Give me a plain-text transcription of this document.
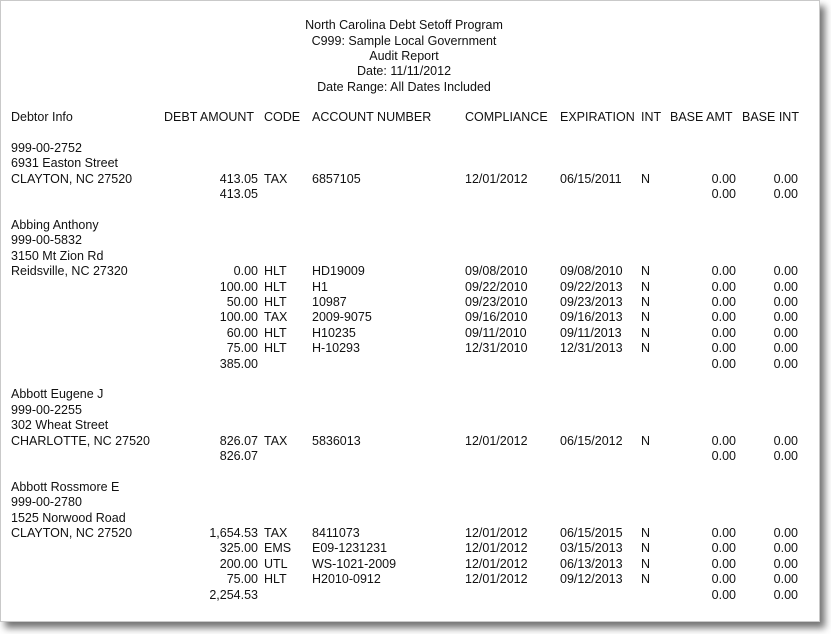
North Carolina Debt Setoff Program
C999: Sample Local Government
Audit Report
Date: 11/11/2012
Date Range: All Dates Included
Debtor Info	DEBT AMOUNT CODE ACCOUNT NUMBER	COMPLIANCE EXPIRATION INT BASE AMT BASE INT
999-00-2752
6931 Easton Street
CLAYTON, NC 27520	413.05 TAX 6857105	12/01/2012	06/15/2011 N	0.00	0.00
413.05	0.00	0.00
Abbing Anthony
999-00-5832
3150 Mt Zion Rd
Reidsville, NC 27320	0.00 HLT HD19009	09/08/2010	09/08/2010 N	0.00	0.00
100.00 HLT H1	09/22/2010	09/22/2013 N	0.00	0.00
50.00 HLT 10987	09/23/2010	09/23/2013 N	0.00	0.00
100.00 TAX 2009-9075	09/16/2010	09/16/2013 N	0.00	0.00
60.00 HLT H10235	09/11/2010	09/11/2013 N	0.00	0.00
75.00 HLT H-10293	12/31/2010	12/31/2013 N	0.00	0.00
385.00	0.00	0.00
Abbott Eugene J
999-00-2255
302 Wheat Street
CHARLOTTE, NC 27520	826.07 TAX 5836013	12/01/2012	06/15/2012 N	0.00	0.00
826.07	0.00	0.00
Abbott Rossmore E
999-00-2780
1525 Norwood Road
CLAYTON, NC 27520	1,654.53 TAX 8411073	12/01/2012	06/15/2015 N	0.00	0.00
325.00 EMS E09-1231231	12/01/2012	03/15/2013 N	0.00	0.00
200.00 UTL WS-1021-2009	12/01/2012	06/13/2013 N	0.00	0.00
75.00 HLT H2010-0912	12/01/2012	09/12/2013 N	0.00	0.00
2,254.53	0.00	0.00
